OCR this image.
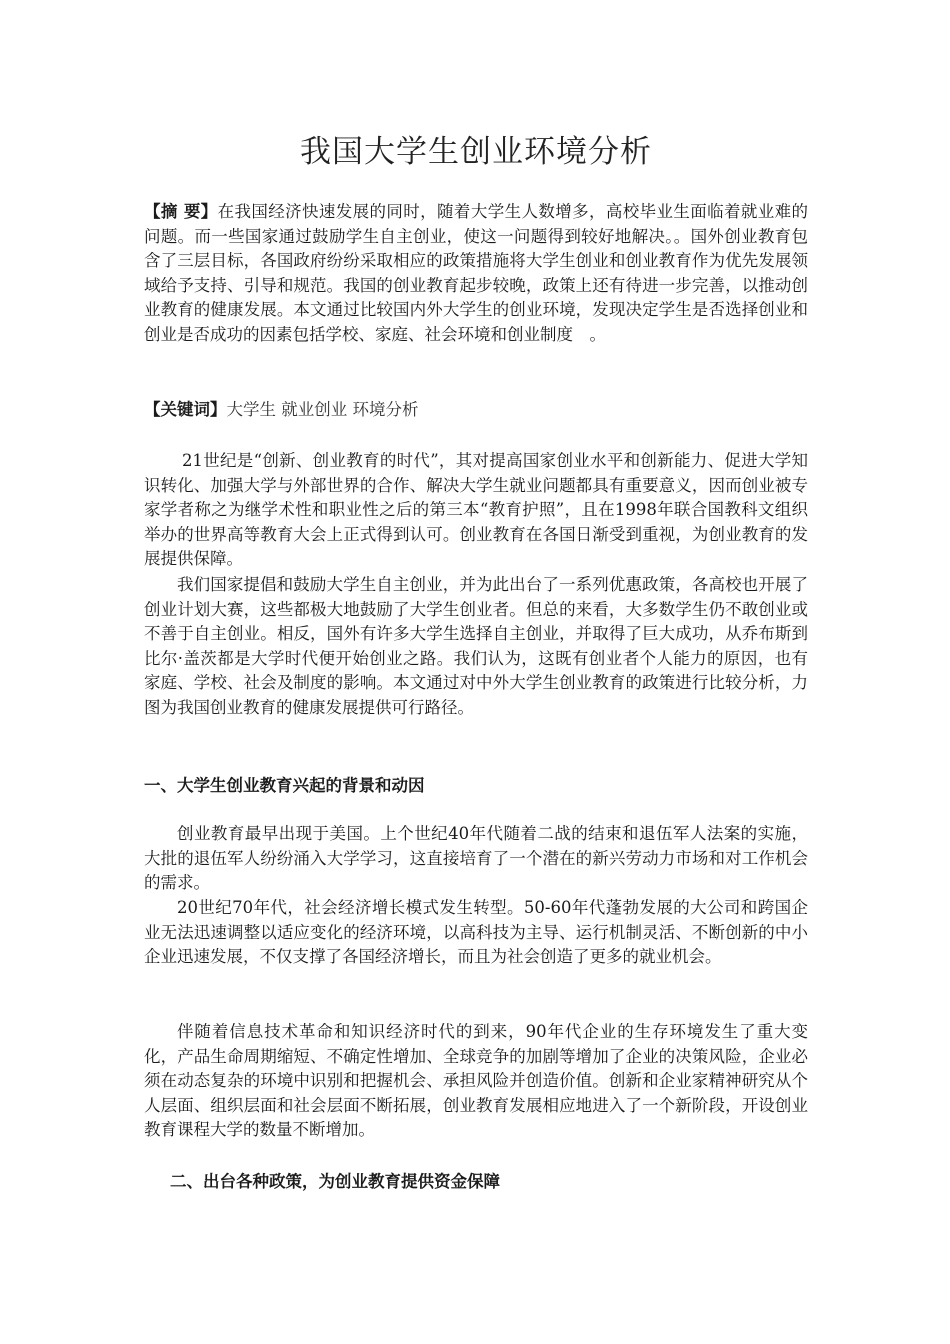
我国大学生创业环境分析
【摘 要】在我国经济快速发展的同时，随着大学生人数增多，高校毕业生面临着就业难的问题。而一些国家通过鼓励学生自主创业，使这一问题得到较好地解决。。国外创业教育包含了三层目标，各国政府纷纷采取相应的政策措施将大学生创业和创业教育作为优先发展领域给予支持、引导和规范。我国的创业教育起步较晚，政策上还有待进一步完善，以推动创业教育的健康发展。本文通过比较国内外大学生的创业环境，发现决定学生是否选择创业和创业是否成功的因素包括学校、家庭、社会环境和创业制度　。
【关键词】大学生 就业创业 环境分析
21世纪是“创新、创业教育的时代”，其对提高国家创业水平和创新能力、促进大学知识转化、加强大学与外部世界的合作、解决大学生就业问题都具有重要意义，因而创业被专家学者称之为继学术性和职业性之后的第三本“教育护照”，且在1998年联合国教科文组织举办的世界高等教育大会上正式得到认可。创业教育在各国日渐受到重视，为创业教育的发展提供保障。
我们国家提倡和鼓励大学生自主创业，并为此出台了一系列优惠政策，各高校也开展了创业计划大赛，这些都极大地鼓励了大学生创业者。但总的来看，大多数学生仍不敢创业或不善于自主创业。相反，国外有许多大学生选择自主创业，并取得了巨大成功，从乔布斯到比尔·盖茨都是大学时代便开始创业之路。我们认为，这既有创业者个人能力的原因，也有家庭、学校、社会及制度的影响。本文通过对中外大学生创业教育的政策进行比较分析，力图为我国创业教育的健康发展提供可行路径。
一、大学生创业教育兴起的背景和动因
创业教育最早出现于美国。上个世纪40年代随着二战的结束和退伍军人法案的实施，大批的退伍军人纷纷涌入大学学习，这直接培育了一个潜在的新兴劳动力市场和对工作机会的需求。
20世纪70年代，社会经济增长模式发生转型。50-60年代蓬勃发展的大公司和跨国企业无法迅速调整以适应变化的经济环境，以高科技为主导、运行机制灵活、不断创新的中小企业迅速发展，不仅支撑了各国经济增长，而且为社会创造了更多的就业机会。
伴随着信息技术革命和知识经济时代的到来，90年代企业的生存环境发生了重大变化，产品生命周期缩短、不确定性增加、全球竞争的加剧等增加了企业的决策风险，企业必须在动态复杂的环境中识别和把握机会、承担风险并创造价值。创新和企业家精神研究从个人层面、组织层面和社会层面不断拓展，创业教育发展相应地进入了一个新阶段，开设创业教育课程大学的数量不断增加。
二、出台各种政策，为创业教育提供资金保障
